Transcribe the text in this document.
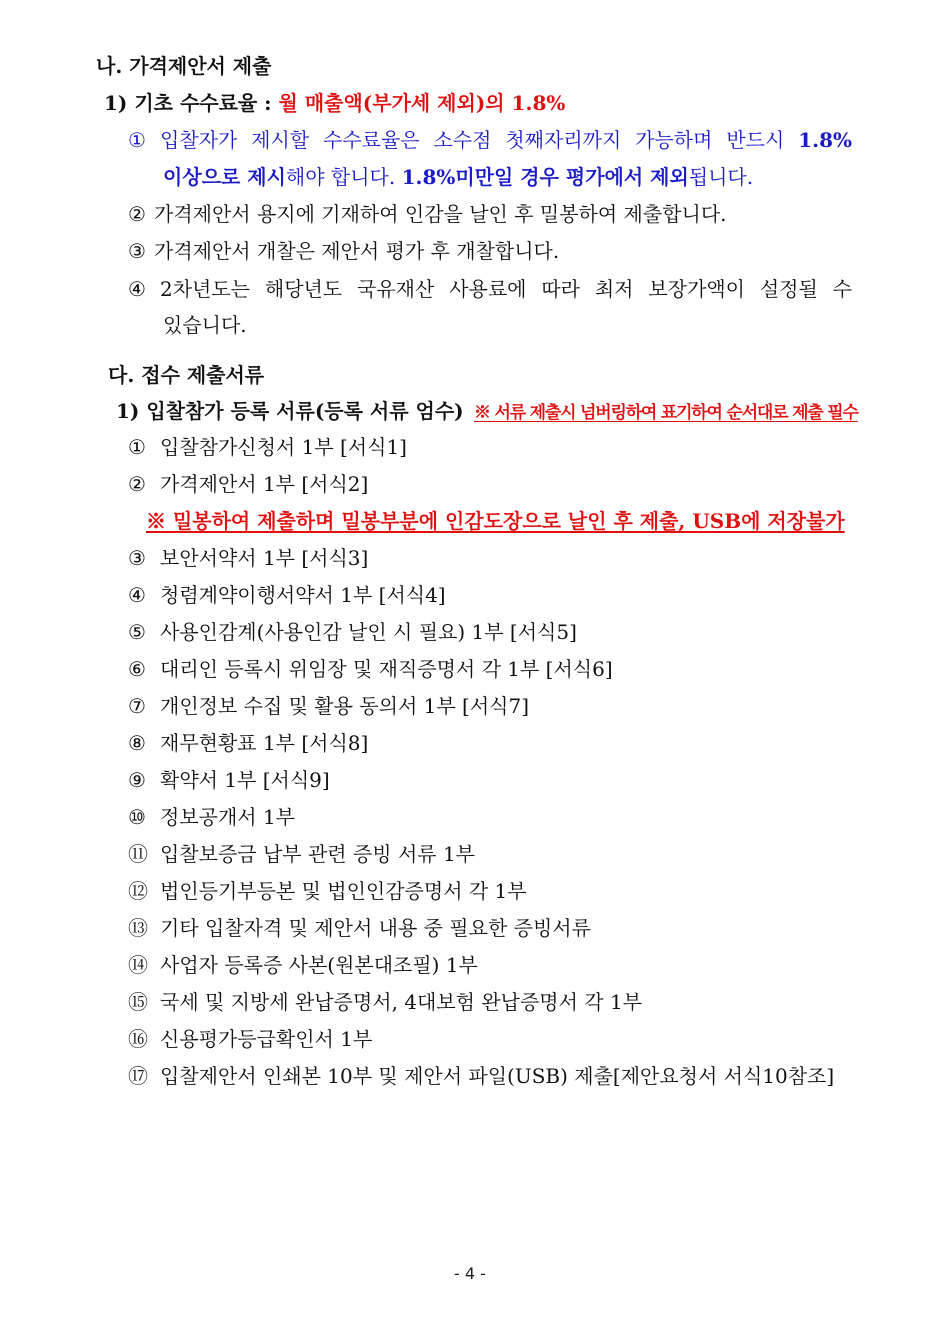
나. 가격제안서 제출
1) 기초 수수료율 : 월 매출액(부가세 제외)의 1.8%
① 입찰자가 제시할 수수료율은 소수점 첫째자리까지 가능하며 반드시 1.8%
이상으로 제시해야 합니다. 1.8%미만일 경우 평가에서 제외됩니다.
② 가격제안서 용지에 기재하여 인감을 날인 후 밀봉하여 제출합니다.
③ 가격제안서 개찰은 제안서 평가 후 개찰합니다.
④ 2차년도는 해당년도 국유재산 사용료에 따라 최저 보장가액이 설정될 수
있습니다.
다. 접수 제출서류
1) 입찰참가 등록 서류(등록 서류 엄수) ※ 서류 제출시 넘버링하여 표기하여 순서대로 제출 필수
① 입찰참가신청서 1부 [서식1]
② 가격제안서 1부 [서식2]
※ 밀봉하여 제출하며 밀봉부분에 인감도장으로 날인 후 제출, USB에 저장불가
③ 보안서약서 1부 [서식3]
④ 청렴계약이행서약서 1부 [서식4]
⑤ 사용인감계(사용인감 날인 시 필요) 1부 [서식5]
⑥ 대리인 등록시 위임장 및 재직증명서 각 1부 [서식6]
⑦ 개인정보 수집 및 활용 동의서 1부 [서식7]
⑧ 재무현황표 1부 [서식8]
⑨ 확약서 1부 [서식9]
⑩ 정보공개서 1부
⑪ 입찰보증금 납부 관련 증빙 서류 1부
⑫ 법인등기부등본 및 법인인감증명서 각 1부
⑬ 기타 입찰자격 및 제안서 내용 중 필요한 증빙서류
⑭ 사업자 등록증 사본(원본대조필) 1부
⑮ 국세 및 지방세 완납증명서, 4대보험 완납증명서 각 1부
⑯ 신용평가등급확인서 1부
⑰ 입찰제안서 인쇄본 10부 및 제안서 파일(USB) 제출[제안요청서 서식10참조]
- 4 -
